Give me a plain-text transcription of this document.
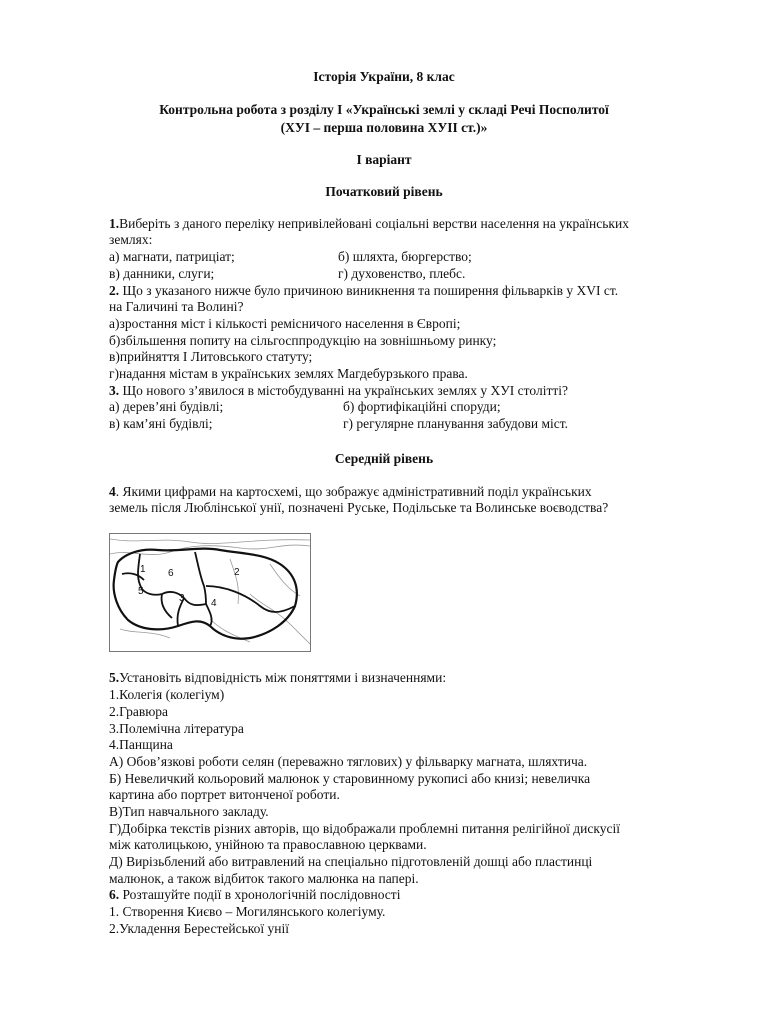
Історія України, 8 клас
Контрольна робота з розділу І «Українські землі у складі Речі Посполитої
(ХУІ – перша половина ХУІІ ст.)»
І варіант
Початковий рівень
1.Виберіть з даного переліку непривілейовані соціальні верстви населення на українських
землях:
а) магнати, патриціат;	б) шляхта, бюргерство;
в) данники, слуги;	г) духовенство, плебс.
2. Що з указаного нижче було причиною виникнення та поширення фільварків у XVI ст.
на Галичині та Волині?
а)зростання міст і кількості ремісничого населення в Європі;
б)збільшення попиту на сільгосппродукцію на зовнішньому ринку;
в)прийняття І Литовського статуту;
г)надання містам в українських землях Магдебурзького права.
3. Що нового з’явилося в містобудуванні на українських землях у ХУІ столітті?
а) дерев’яні будівлі;	б) фортифікаційні споруди;
в) кам’яні будівлі;	г) регулярне планування забудови міст.
Середній рівень
4. Якими цифрами на картосхемі, що зображує адміністративний поділ українських
земель після Люблінської унії, позначені Руське, Подільське та Волинське воєводства?
1	2
3	4
5
6
5.Установіть відповідність між поняттями і визначеннями:
1.Колегія (колегіум)
2.Гравюра
3.Полемічна література
4.Панщина
А) Обов’язкові роботи селян (переважно тяглових) у фільварку магната, шляхтича.
Б) Невеличкий кольоровий малюнок у старовинному рукописі або книзі; невеличка
картина або портрет витонченої роботи.
В)Тип навчального закладу.
Г)Добірка текстів різних авторів, що відображали проблемні питання релігійної дискусії
між католицькою, унійною та православною церквами.
Д) Вирізьблений або витравлений на спеціально підготовленій дошці або пластинці
малюнок, а також відбиток такого малюнка на папері.
6. Розташуйте події в хронологічній послідовності
1. Створення Києво – Могилянського колегіуму.
2.Укладення Берестейської унії
